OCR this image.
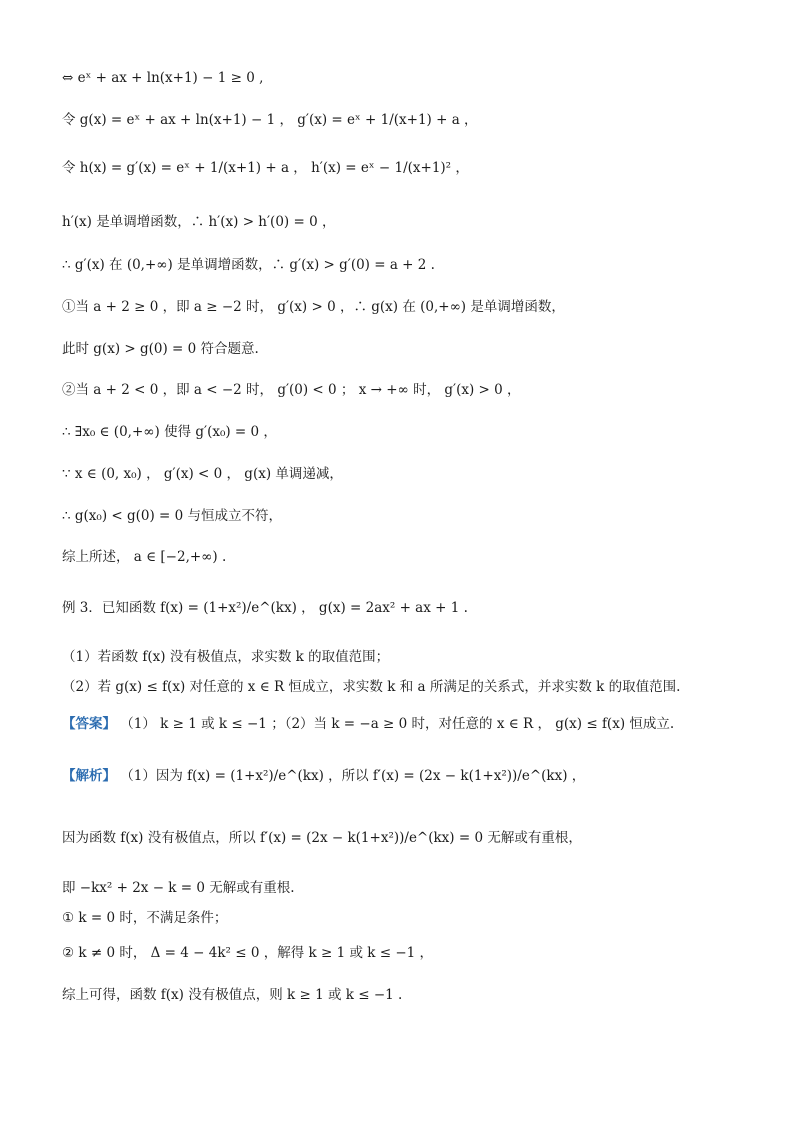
⇔ eˣ + ax + ln(x+1) − 1 ≥ 0 ,
令 g(x) = eˣ + ax + ln(x+1) − 1 ， g′(x) = eˣ + 1/(x+1) + a ，
令 h(x) = g′(x) = eˣ + 1/(x+1) + a ， h′(x) = eˣ − 1/(x+1)² ，
h′(x) 是单调增函数，∴ h′(x) > h′(0) = 0 ，
∴ g′(x) 在 (0,+∞) 是单调增函数，∴ g′(x) > g′(0) = a + 2 .
①当 a + 2 ≥ 0 ，即 a ≥ −2 时， g′(x) > 0 ，∴ g(x) 在 (0,+∞) 是单调增函数，
此时 g(x) > g(0) = 0 符合题意.
②当 a + 2 < 0 ，即 a < −2 时， g′(0) < 0 ； x → +∞ 时， g′(x) > 0 ，
∴ ∃x₀ ∈ (0,+∞) 使得 g′(x₀) = 0 ，
∵ x ∈ (0, x₀) ， g′(x) < 0 ， g(x) 单调递减，
∴ g(x₀) < g(0) = 0 与恒成立不符，
综上所述， a ∈ [−2,+∞) .
例 3．已知函数 f(x) = (1+x²)/e^(kx) ， g(x) = 2ax² + ax + 1 .
（1）若函数 f(x) 没有极值点，求实数 k 的取值范围；
（2）若 g(x) ≤ f(x) 对任意的 x ∈ R 恒成立，求实数 k 和 a 所满足的关系式，并求实数 k 的取值范围.
【答案】 （1） k ≥ 1 或 k ≤ −1 ；（2）当 k = −a ≥ 0 时，对任意的 x ∈ R ， g(x) ≤ f(x) 恒成立.
【解析】 （1）因为 f(x) = (1+x²)/e^(kx) ，所以 f′(x) = (2x − k(1+x²))/e^(kx) ，
因为函数 f(x) 没有极值点，所以 f′(x) = (2x − k(1+x²))/e^(kx) = 0 无解或有重根，
即 −kx² + 2x − k = 0 无解或有重根.
① k = 0 时，不满足条件；
② k ≠ 0 时， Δ = 4 − 4k² ≤ 0 ，解得 k ≥ 1 或 k ≤ −1 ，
综上可得，函数 f(x) 没有极值点，则 k ≥ 1 或 k ≤ −1 .
